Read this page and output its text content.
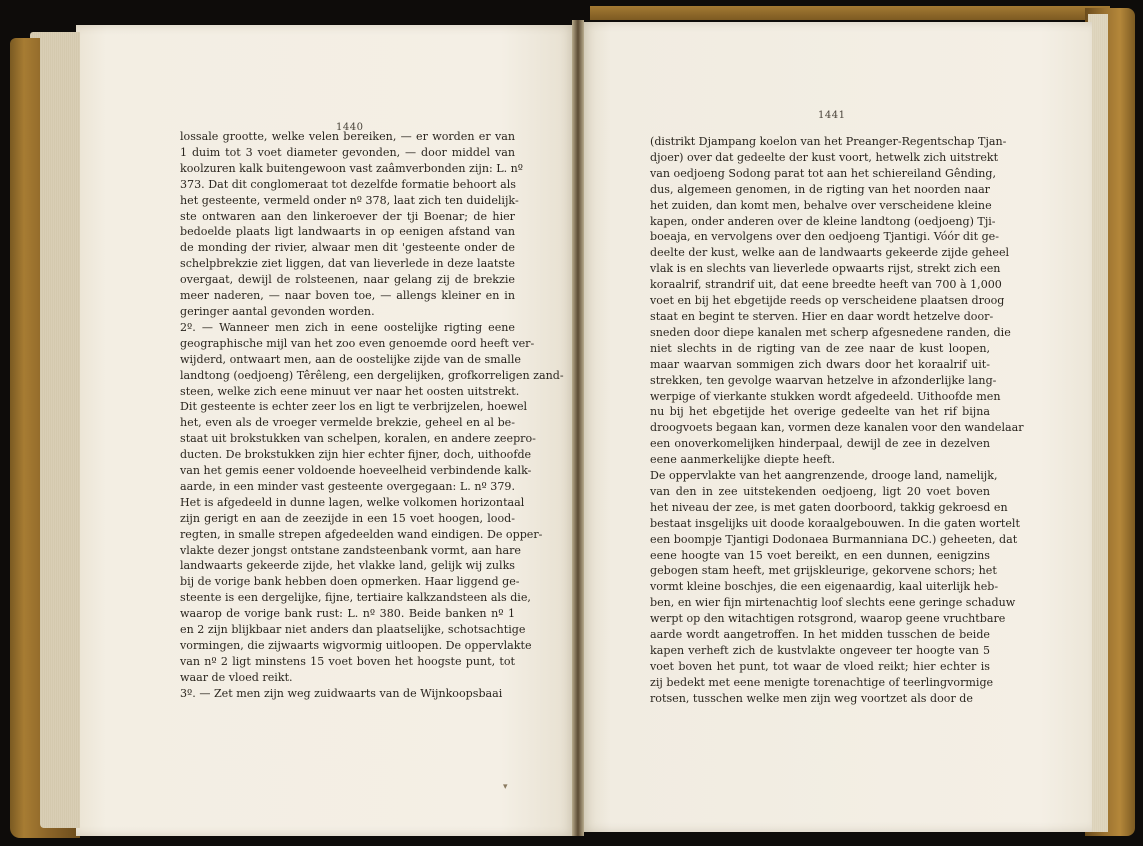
1440
1441
lossale grootte, welke velen bereiken, — er worden er van
1 duim tot 3 voet diameter gevonden, — door middel van
koolzuren kalk buitengewoon vast zaâmverbonden zijn: L. nº
373. Dat dit conglomeraat tot dezelfde formatie behoort als
het gesteente, vermeld onder nº 378, laat zich ten duidelijk-
ste ontwaren aan den linkeroever der tji Boenar; de hier
bedoelde plaats ligt landwaarts in op eenigen afstand van
de monding der rivier, alwaar men dit 'gesteente onder de
schelpbrekzie ziet liggen, dat van lieverlede in deze laatste
overgaat, dewijl de rolsteenen, naar gelang zij de brekzie
meer naderen, — naar boven toe, — allengs kleiner en in
geringer aantal gevonden worden.
2º. — Wanneer men zich in eene oostelijke rigting eene
geographische mijl van het zoo even genoemde oord heeft ver-
wijderd, ontwaart men, aan de oostelijke zijde van de smalle
landtong (oedjoeng) Têrêleng, een dergelijken, grofkorreligen zand-
steen, welke zich eene minuut ver naar het oosten uitstrekt.
Dit gesteente is echter zeer los en ligt te verbrijzelen, hoewel
het, even als de vroeger vermelde brekzie, geheel en al be-
staat uit brokstukken van schelpen, koralen, en andere zeepro-
ducten. De brokstukken zijn hier echter fijner, doch, uithoofde
van het gemis eener voldoende hoeveelheid verbindende kalk-
aarde, in een minder vast gesteente overgegaan: L. nº 379.
Het is afgedeeld in dunne lagen, welke volkomen horizontaal
zijn gerigt en aan de zeezijde in een 15 voet hoogen, lood-
regten, in smalle strepen afgedeelden wand eindigen. De opper-
vlakte dezer jongst ontstane zandsteenbank vormt, aan hare
landwaarts gekeerde zijde, het vlakke land, gelijk wij zulks
bij de vorige bank hebben doen opmerken. Haar liggend ge-
steente is een dergelijke, fijne, tertiaire kalkzandsteen als die,
waarop de vorige bank rust: L. nº 380. Beide banken nº 1
en 2 zijn blijkbaar niet anders dan plaatselijke, schotsachtige
vormingen, die zijwaarts wigvormig uitloopen. De oppervlakte
van nº 2 ligt minstens 15 voet boven het hoogste punt, tot
waar de vloed reikt.
3º. — Zet men zijn weg zuidwaarts van de Wijnkoopsbaai
(distrikt Djampang koelon van het Preanger-Regentschap Tjan-
djoer) over dat gedeelte der kust voort, hetwelk zich uitstrekt
van oedjoeng Sodong parat tot aan het schiereiland Gênding,
dus, algemeen genomen, in de rigting van het noorden naar
het zuiden, dan komt men, behalve over verscheidene kleine
kapen, onder anderen over de kleine landtong (oedjoeng) Tji-
boeaja, en vervolgens over den oedjoeng Tjantigi. Vóór dit ge-
deelte der kust, welke aan de landwaarts gekeerde zijde geheel
vlak is en slechts van lieverlede opwaarts rijst, strekt zich een
koraalrif, strandrif uit, dat eene breedte heeft van 700 à 1,000
voet en bij het ebgetijde reeds op verscheidene plaatsen droog
staat en begint te sterven. Hier en daar wordt hetzelve door-
sneden door diepe kanalen met scherp afgesnedene randen, die
niet slechts in de rigting van de zee naar de kust loopen,
maar waarvan sommigen zich dwars door het koraalrif uit-
strekken, ten gevolge waarvan hetzelve in afzonderlijke lang-
werpige of vierkante stukken wordt afgedeeld. Uithoofde men
nu bij het ebgetijde het overige gedeelte van het rif bijna
droogvoets begaan kan, vormen deze kanalen voor den wandelaar
een onoverkomelijken hinderpaal, dewijl de zee in dezelven
eene aanmerkelijke diepte heeft.
De oppervlakte van het aangrenzende, drooge land, namelijk,
van den in zee uitstekenden oedjoeng, ligt 20 voet boven
het niveau der zee, is met gaten doorboord, takkig gekroesd en
bestaat insgelijks uit doode koraalgebouwen. In die gaten wortelt
een boompje Tjantigi Dodonaea Burmanniana DC.) geheeten, dat
eene hoogte van 15 voet bereikt, en een dunnen, eenigzins
gebogen stam heeft, met grijskleurige, gekorvene schors; het
vormt kleine boschjes, die een eigenaardig, kaal uiterlijk heb-
ben, en wier fijn mirtenachtig loof slechts eene geringe schaduw
werpt op den witachtigen rotsgrond, waarop geene vruchtbare
aarde wordt aangetroffen. In het midden tusschen de beide
kapen verheft zich de kustvlakte ongeveer ter hoogte van 5
voet boven het punt, tot waar de vloed reikt; hier echter is
zij bedekt met eene menigte torenachtige of teerlingvormige
rotsen, tusschen welke men zijn weg voortzet als door de
▾
